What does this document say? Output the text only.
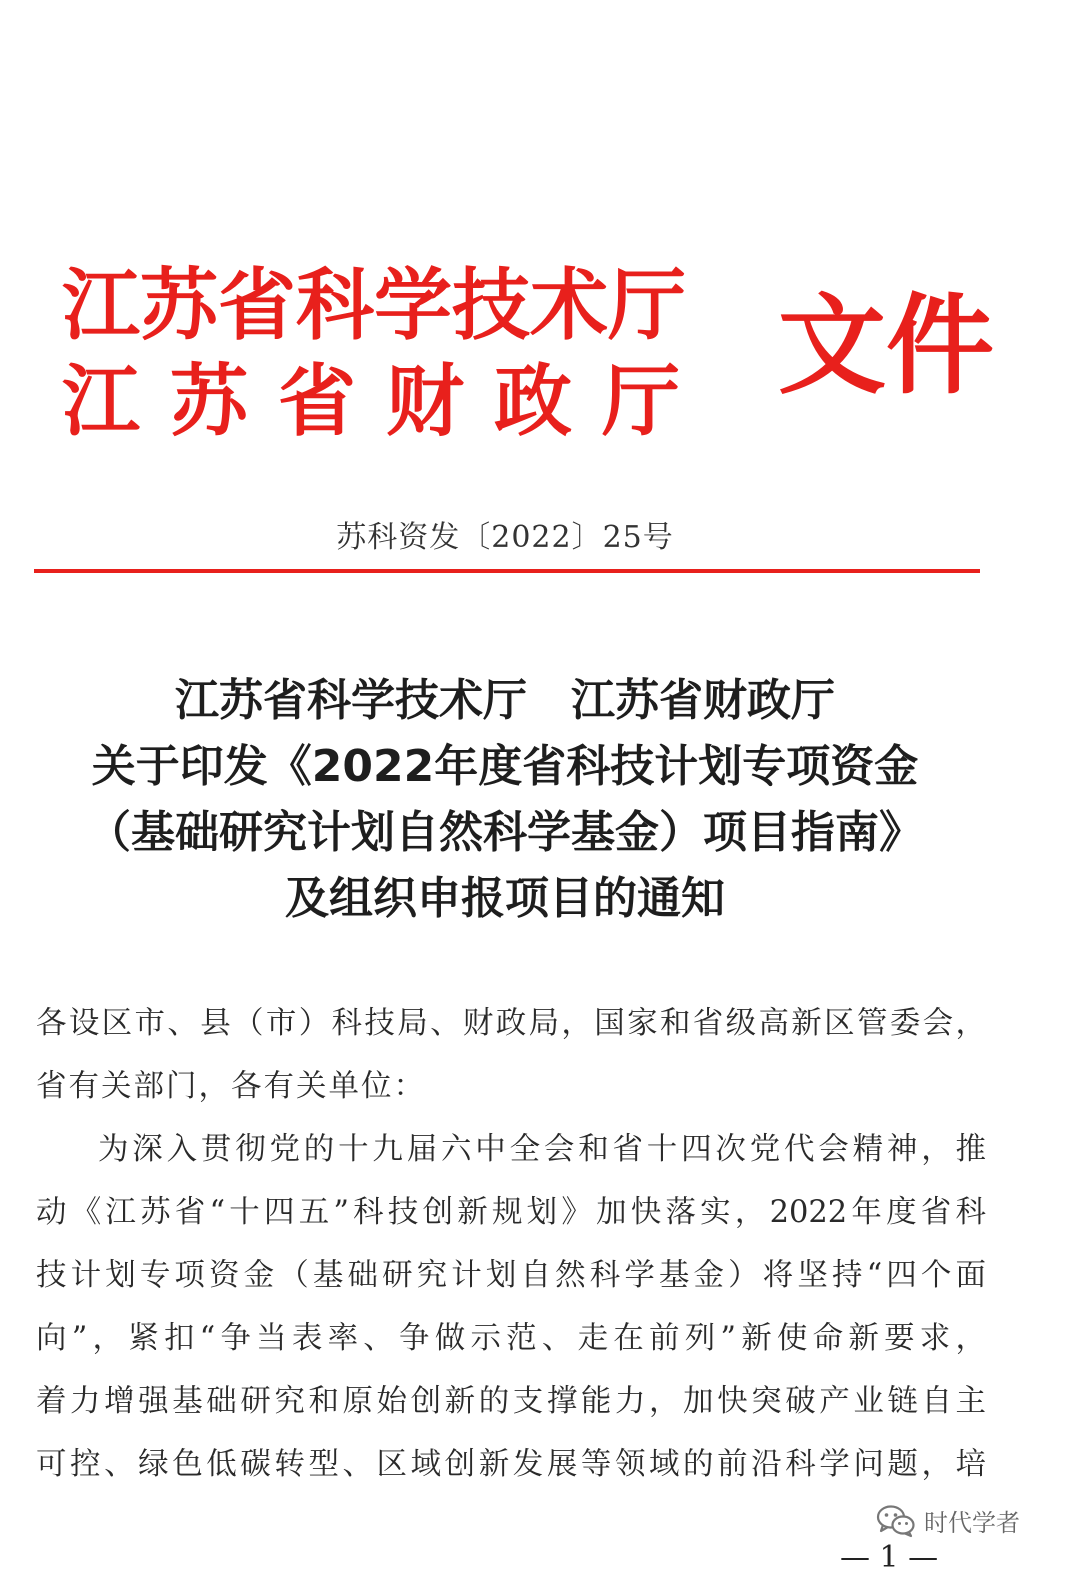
江苏省科学技术厅
江苏省财政厅 文件
苏科资发〔2022〕25号
江苏省科学技术厅 江苏省财政厅
关于印发《2022年度省科技计划专项资金
（基础研究计划自然科学基金）项目指南》
及组织申报项目的通知
各设区市、县（市）科技局、财政局，国家和省级高新区管委会，
省有关部门，各有关单位：
为深入贯彻党的十九届六中全会和省十四次党代会精神，推
动《江苏省“十四五”科技创新规划》加快落实，2022年度省科
技计划专项资金（基础研究计划自然科学基金）将坚持“四个面
向”，紧扣“争当表率、争做示范、走在前列”新使命新要求，
着力增强基础研究和原始创新的支撑能力，加快突破产业链自主
可控、绿色低碳转型、区域创新发展等领域的前沿科学问题，培
— 1 —
时代学者
